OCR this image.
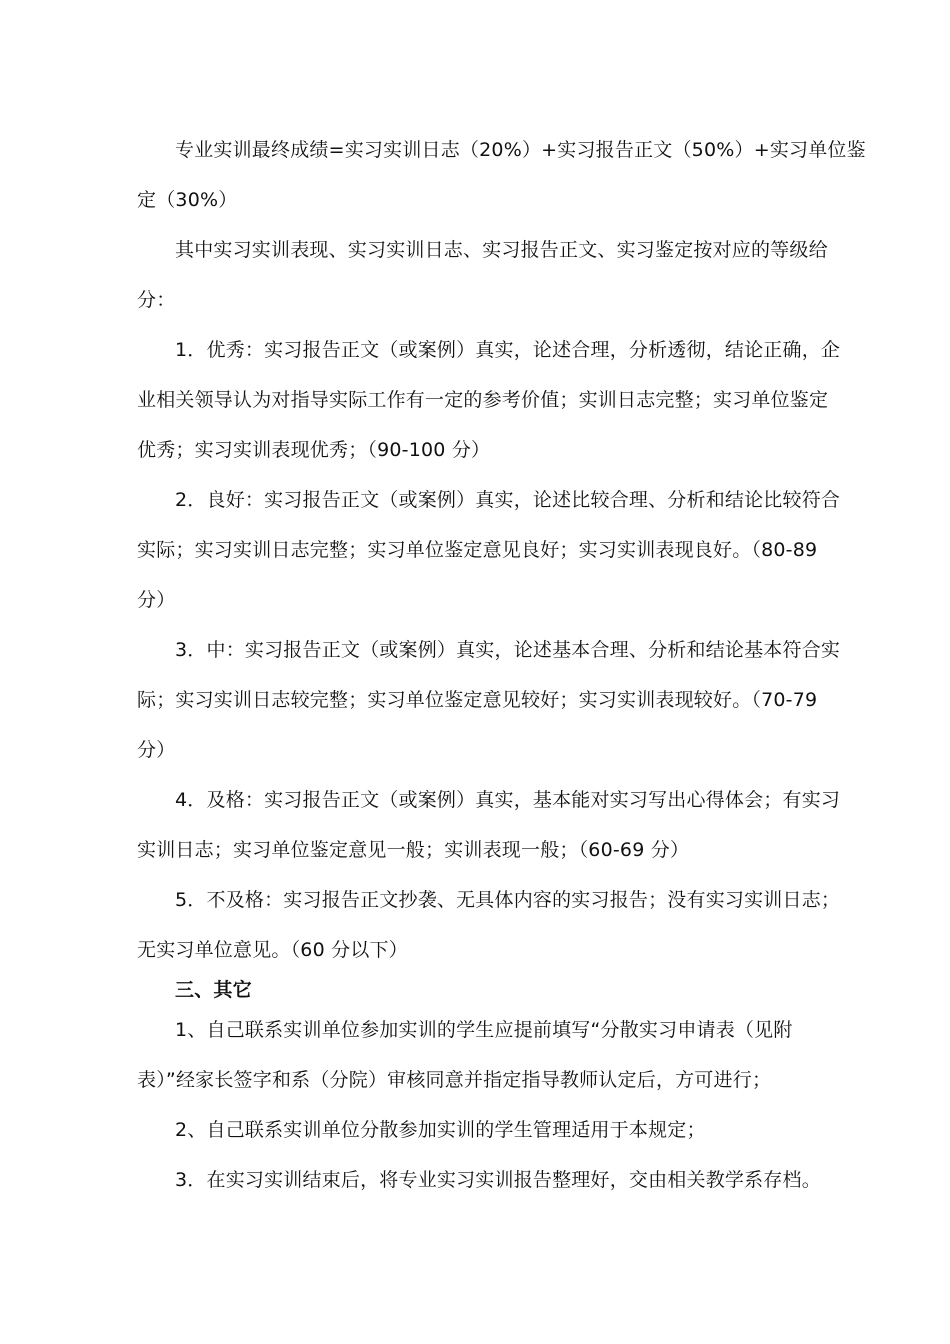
专业实训最终成绩=实习实训日志（20%）+实习报告正文（50%）+实习单位鉴
定（30%）
其中实习实训表现、实习实训日志、实习报告正文、实习鉴定按对应的等级给
分：
1．优秀：实习报告正文（或案例）真实，论述合理，分析透彻，结论正确，企
业相关领导认为对指导实际工作有一定的参考价值；实训日志完整；实习单位鉴定
优秀；实习实训表现优秀；（90-100 分）
2．良好：实习报告正文（或案例）真实，论述比较合理、分析和结论比较符合
实际；实习实训日志完整；实习单位鉴定意见良好；实习实训表现良好。（80-89
分）
3．中：实习报告正文（或案例）真实，论述基本合理、分析和结论基本符合实
际；实习实训日志较完整；实习单位鉴定意见较好；实习实训表现较好。（70-79
分）
4．及格：实习报告正文（或案例）真实，基本能对实习写出心得体会；有实习
实训日志；实习单位鉴定意见一般；实训表现一般；（60-69 分）
5．不及格：实习报告正文抄袭、无具体内容的实习报告；没有实习实训日志；
无实习单位意见。（60 分以下）
三、其它
1、自己联系实训单位参加实训的学生应提前填写“分散实习申请表（见附
表）”经家长签字和系（分院）审核同意并指定指导教师认定后，方可进行；
2、自己联系实训单位分散参加实训的学生管理适用于本规定；
3．在实习实训结束后，将专业实习实训报告整理好，交由相关教学系存档。
